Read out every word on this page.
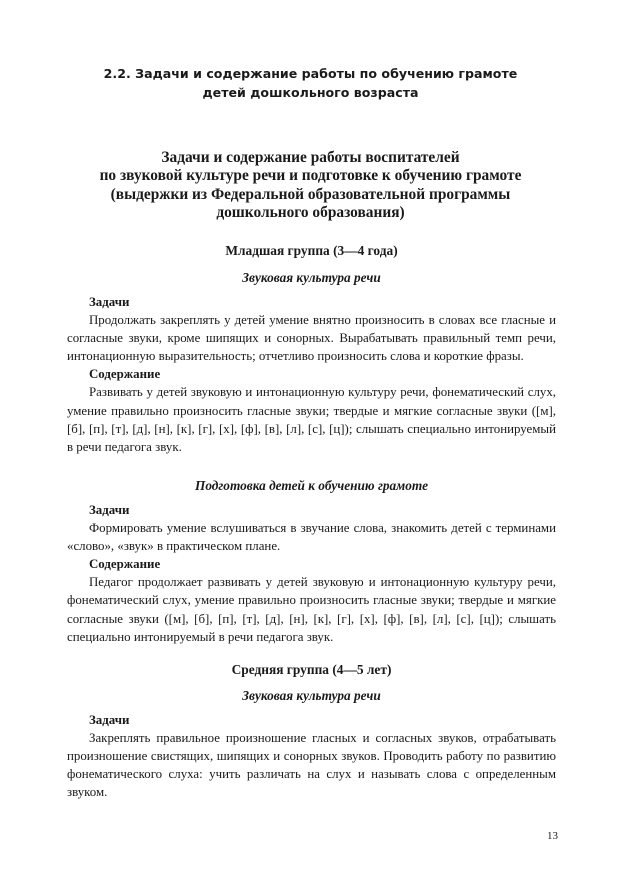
2.2. Задачи и содержание работы по обучению грамоте
детей дошкольного возраста
Задачи и содержание работы воспитателей
по звуковой культуре речи и подготовке к обучению грамоте
(выдержки из Федеральной образовательной программы
дошкольного образования)
Младшая группа (3—4 года)
Звуковая культура речи

Задачи

Продолжать закреплять у детей умение внятно произносить в словах все гласные и согласные звуки, кроме шипящих и сонорных. Вырабатывать правильный темп речи, интонационную выразительность; отчетливо произносить слова и короткие фразы.

Содержание

Развивать у детей звуковую и интонационную культуру речи, фонематический слух, умение правильно произносить гласные звуки; твердые и мягкие согласные звуки ([м], [б], [п], [т], [д], [н], [к], [г], [х], [ф], [в], [л], [с], [ц]); слышать специально интонируемый в речи педагога звук.

Подготовка детей к обучению грамоте

Задачи

Формировать умение вслушиваться в звучание слова, знакомить детей с терминами «слово», «звук» в практическом плане.

Содержание

Педагог продолжает развивать у детей звуковую и интонационную культуру речи, фонематический слух, умение правильно произносить гласные звуки; твердые и мягкие согласные звуки ([м], [б], [п], [т], [д], [н], [к], [г], [х], [ф], [в], [л], [с], [ц]); слышать специально интонируемый в речи педагога звук.

Средняя группа (4—5 лет)
Звуковая культура речи

Задачи

Закреплять правильное произношение гласных и согласных звуков, отрабатывать произношение свистящих, шипящих и сонорных звуков. Проводить работу по развитию фонематического слуха: учить различать на слух и называть слова с определенным звуком.

13
